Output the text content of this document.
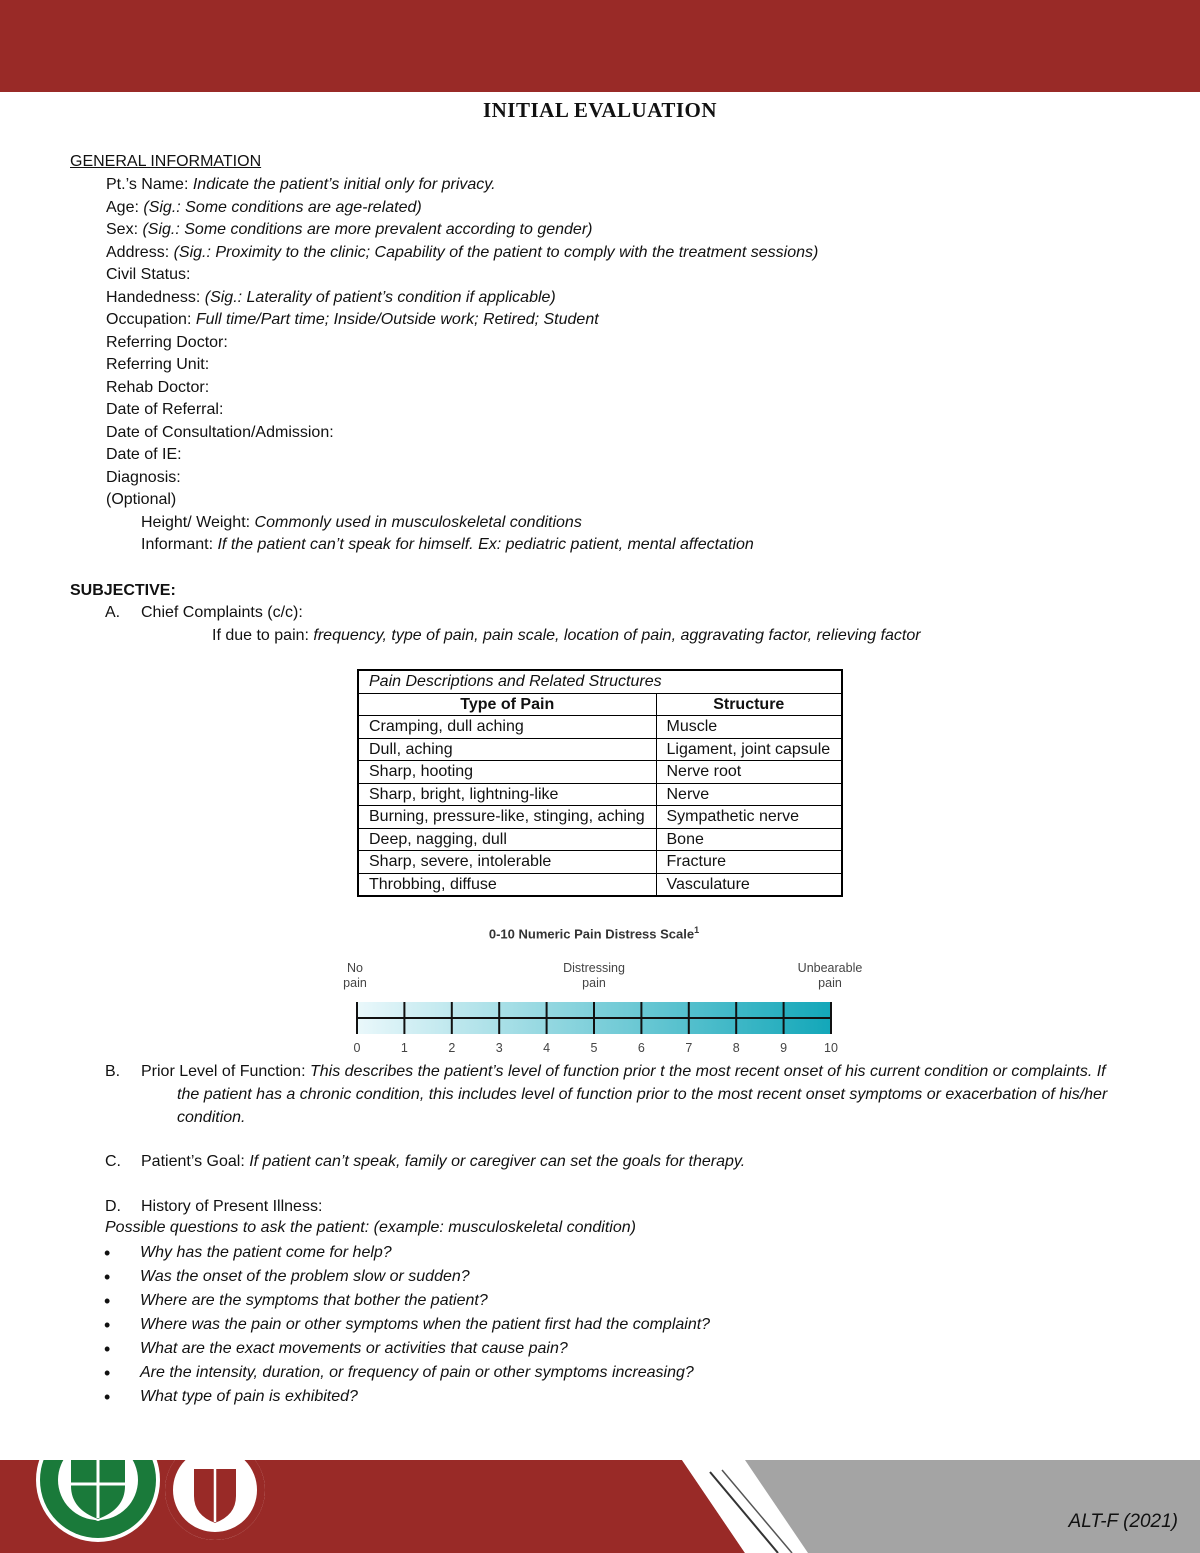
INITIAL EVALUATION
GENERAL INFORMATION
Pt.’s Name: Indicate the patient’s initial only for privacy.
Age: (Sig.: Some conditions are age-related)
Sex: (Sig.: Some conditions are more prevalent according to gender)
Address: (Sig.: Proximity to the clinic; Capability of the patient to comply with the treatment sessions)
Civil Status:
Handedness: (Sig.: Laterality of patient’s condition if applicable)
Occupation: Full time/Part time; Inside/Outside work; Retired; Student
Referring Doctor:
Referring Unit:
Rehab Doctor:
Date of Referral:
Date of Consultation/Admission:
Date of IE:
Diagnosis:
(Optional)
Height/ Weight: Commonly used in musculoskeletal conditions
Informant: If the patient can’t speak for himself. Ex: pediatric patient, mental affectation
SUBJECTIVE:
A. Chief Complaints (c/c):
If due to pain: frequency, type of pain, pain scale, location of pain, aggravating factor, relieving factor
Pain Descriptions and Related Structures	
Type of Pain	Structure
Cramping, dull aching	Muscle
Dull, aching	Ligament, joint capsule
Sharp, hooting	Nerve root
Sharp, bright, lightning-like	Nerve
Burning, pressure-like, stinging, aching	Sympathetic nerve
Deep, nagging, dull	Bone
Sharp, severe, intolerable	Fracture
Throbbing, diffuse	Vasculature
0-10 Numeric Pain Distress Scale$^1$
No
pain
Distressing
pain
Unbearable
pain
0	1	2	3	4	5	6	7	8	9	10
B. Prior Level of Function: This describes the patient’s level of function prior t the most recent onset of his current condition or complaints. If
the patient has a chronic condition, this includes level of function prior to the most recent onset symptoms or exacerbation of his/her
condition.
C. Patient’s Goal: If patient can’t speak, family or caregiver can set the goals for therapy.
D. History of Present Illness:
Possible questions to ask the patient: (example: musculoskeletal condition)
• Why has the patient come for help?
• Was the onset of the problem slow or sudden?
• Where are the symptoms that bother the patient?
• Where was the pain or other symptoms when the patient first had the complaint?
• What are the exact movements or activities that cause pain?
• Are the intensity, duration, or frequency of pain or other symptoms increasing?
• What type of pain is exhibited?
ALT-F (2021)
